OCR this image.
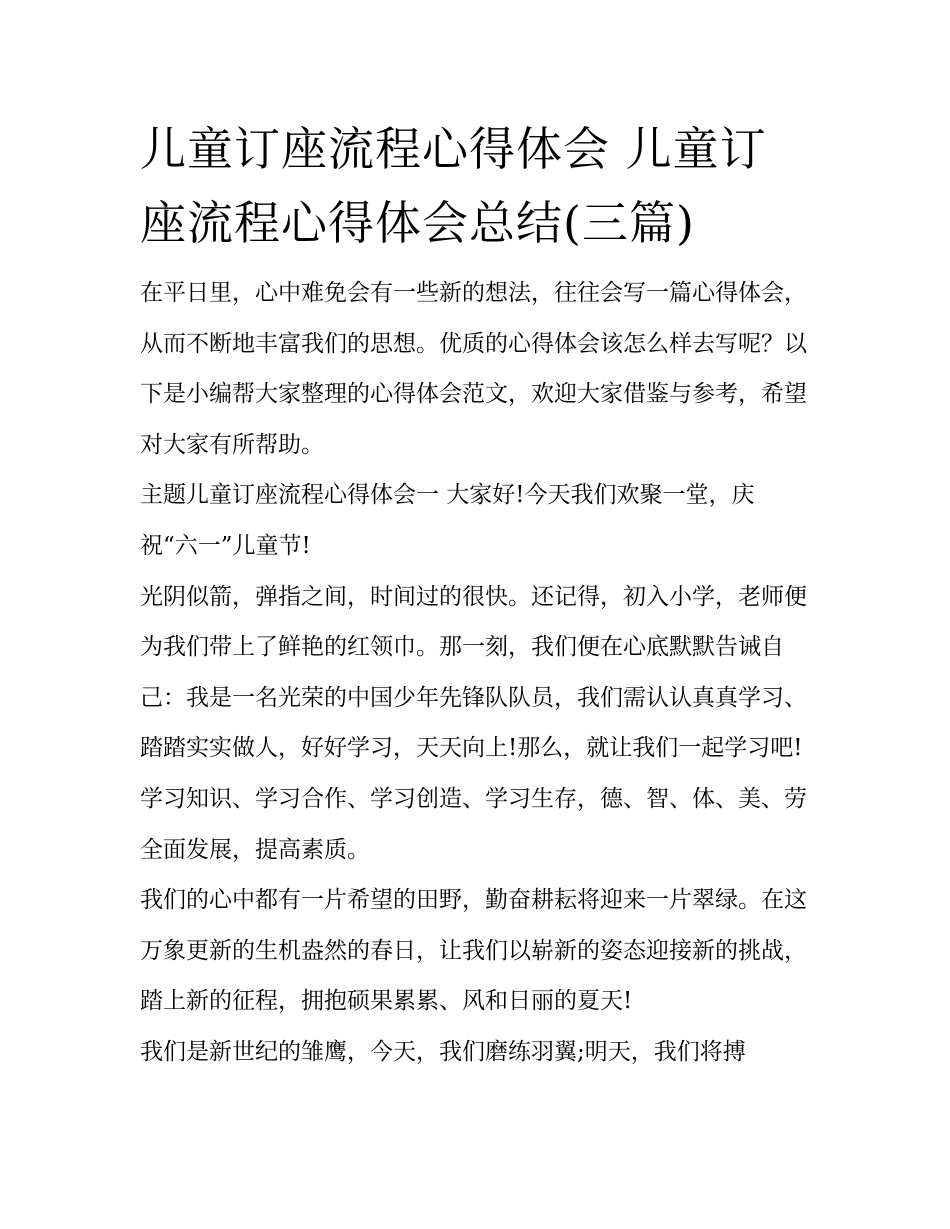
儿童订座流程心得体会 儿童订座流程心得体会总结(三篇)

在平日里，心中难免会有一些新的想法，往往会写一篇心得体会，从而不断地丰富我们的思想。优质的心得体会该怎么样去写呢？以下是小编帮大家整理的心得体会范文，欢迎大家借鉴与参考，希望对大家有所帮助。

主题儿童订座流程心得体会一 大家好!今天我们欢聚一堂，庆祝“六一”儿童节!

光阴似箭，弹指之间，时间过的很快。还记得，初入小学，老师便为我们带上了鲜艳的红领巾。那一刻，我们便在心底默默告诫自己：我是一名光荣的中国少年先锋队队员，我们需认认真真学习、踏踏实实做人，好好学习，天天向上!那么，就让我们一起学习吧!学习知识、学习合作、学习创造、学习生存，德、智、体、美、劳全面发展，提高素质。

我们的心中都有一片希望的田野，勤奋耕耘将迎来一片翠绿。在这万象更新的生机盎然的春日，让我们以崭新的姿态迎接新的挑战，踏上新的征程，拥抱硕果累累、风和日丽的夏天!

我们是新世纪的雏鹰，今天，我们磨练羽翼;明天，我们将搏
